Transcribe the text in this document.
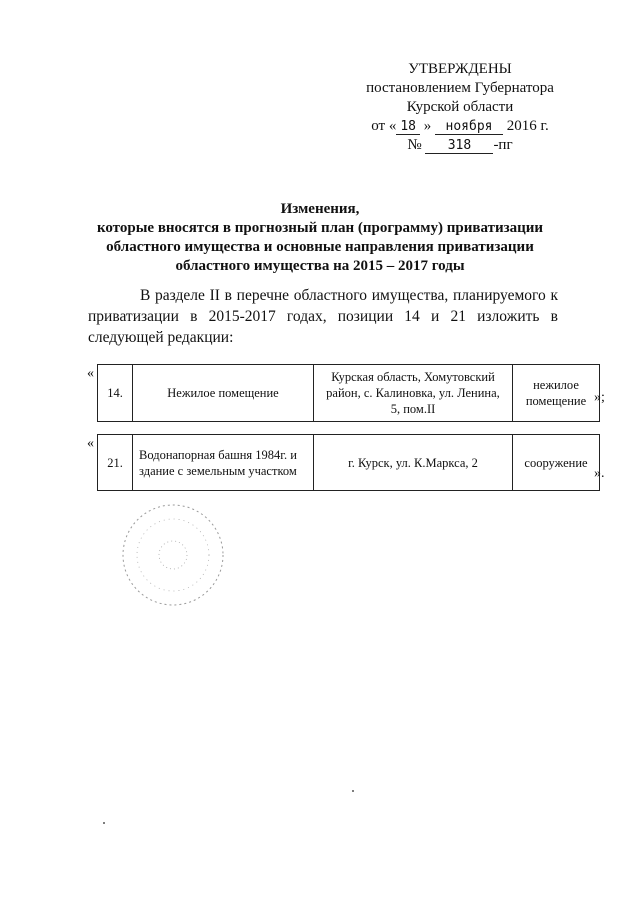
УТВЕРЖДЕНЫ
постановлением Губернатора
Курской области
от « 18 » ноября 2016 г.
№ 318 -пг
Изменения,
которые вносятся в прогнозный план (программу) приватизации
областного имущества и основные направления приватизации
областного имущества на 2015 – 2017 годы
В разделе II в перечне областного имущества, планируемого к приватизации в 2015-2017 годах, позиции 14 и 21 изложить в следующей редакции:
«
14.	Нежилое помещение	Курская область, Хомутовский район, с. Калиновка, ул. Ленина, 5, пом.II	нежилое помещение »;
«
21.	Водонапорная башня 1984г. и здание с земельным участком	г. Курск, ул. К.Маркса, 2	сооружение
».
